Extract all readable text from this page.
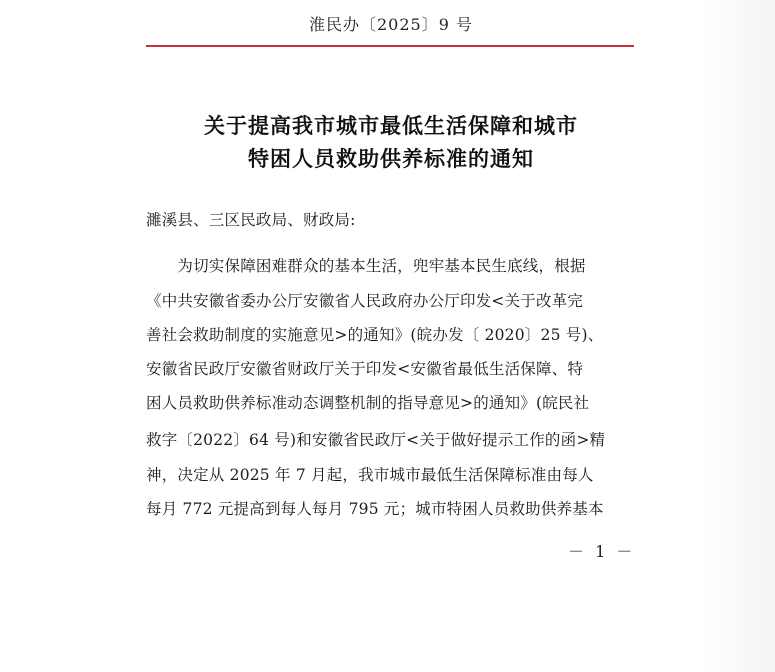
淮民办〔2025〕9 号
关于提高我市城市最低生活保障和城市
特困人员救助供养标准的通知
濉溪县、三区民政局、财政局:
　　为切实保障困难群众的基本生活，兜牢基本民生底线，根据
《中共安徽省委办公厅安徽省人民政府办公厅印发<关于改革完
善社会救助制度的实施意见>的通知》(皖办发〔 2020〕25 号)、
安徽省民政厅安徽省财政厅关于印发<安徽省最低生活保障、特
困人员救助供养标准动态调整机制的指导意见>的通知》(皖民社
救字〔2022〕64 号)和安徽省民政厅<关于做好提示工作的函>精
神，决定从 2025 年 7 月起，我市城市最低生活保障标准由每人
每月 772 元提高到每人每月 795 元；城市特困人员救助供养基本
－ 1 －
